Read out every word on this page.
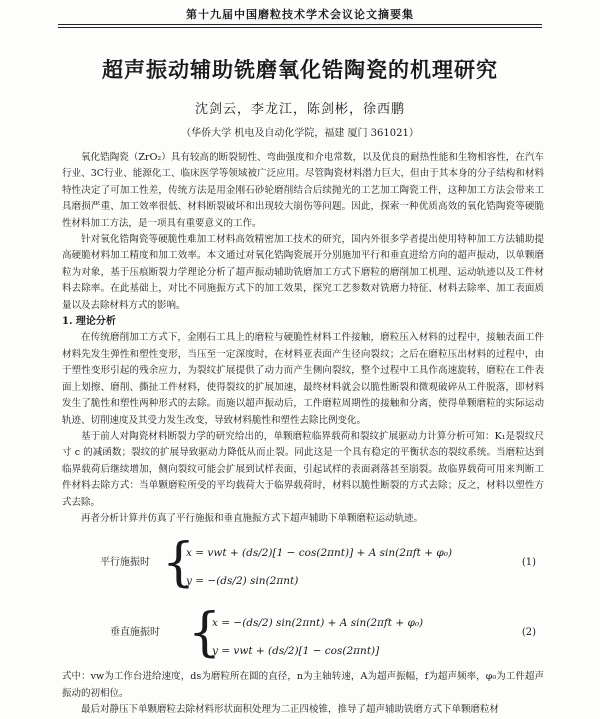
第十九届中国磨粒技术学术会议论文摘要集
超声振动辅助铣磨氧化锆陶瓷的机理研究
沈剑云，李龙江，陈剑彬，徐西鹏
（华侨大学 机电及自动化学院，福建 厦门 361021）

氧化锆陶瓷（ZrO₂）具有较高的断裂韧性、弯曲强度和介电常数，以及优良的耐热性能和生物相容性，在汽车行业、3C行业、能源化工、临床医学等领域被广泛应用。尽管陶瓷材料潜力巨大，但由于其本身的分子结构和材料特性决定了可加工性差，传统方法是用金刚石砂轮磨削结合后续抛光的工艺加工陶瓷工件，这种加工方法会带来工具磨损严重、加工效率很低、材料断裂破坏和出现较大崩伤等问题。因此，探索一种优质高效的氧化锆陶瓷等硬脆性材料加工方法，是一项具有重要意义的工作。

针对氧化锆陶瓷等硬脆性难加工材料高效精密加工技术的研究，国内外很多学者提出使用特种加工方法辅助提高硬脆材料加工精度和加工效率。本文通过对氧化锆陶瓷展开分别施加平行和垂直进给方向的超声振动，以单颗磨粒为对象，基于压痕断裂力学理论分析了超声振动辅助铣磨加工方式下磨粒的磨削加工机理、运动轨迹以及工件材料去除率。在此基础上，对比不同施振方式下的加工效果，探究工艺参数对铣磨力特征、材料去除率、加工表面质量以及去除材料方式的影响。

1. 理论分析

在传统磨削加工方式下，金刚石工具上的磨粒与硬脆性材料工件接触，磨粒压入材料的过程中，接触表面工件材料先发生弹性和塑性变形，当压至一定深度时，在材料亚表面产生径向裂纹；之后在磨粒压出材料的过程中，由于塑性变形引起的残余应力，为裂纹扩展提供了动力而产生侧向裂纹，整个过程中工具作高速旋转，磨粒在工件表面上划擦、磨削、撕扯工件材料，使得裂纹的扩展加速，最终材料就会以脆性断裂和微观破碎从工件脱落，即材料发生了脆性和塑性两种形式的去除。而施以超声振动后，工件磨粒周期性的接触和分离，使得单颗磨粒的实际运动轨迹、切削速度及其受力发生改变，导致材料脆性和塑性去除比例变化。

基于前人对陶瓷材料断裂力学的研究给出的，单颗磨粒临界载荷和裂纹扩展驱动力计算分析可知：K₁是裂纹尺寸 c 的减函数；裂纹的扩展导致驱动力降低从而止裂。同此这是一个具有稳定的平衡状态的裂纹系统。当磨粒达到临界载荷后继续增加，侧向裂纹可能会扩展到试样表面，引起试样的表面剥落甚至崩裂。故临界载荷可用来判断工件材料去除方式：当单颗磨粒所受的平均载荷大于临界载荷时，材料以脆性断裂的方式去除；反之，材料以塑性方式去除。

再者分析计算并仿真了平行施振和垂直施振方式下超声辅助下单颗磨粒运动轨迹。

平行施振时 {
x = vwt + (ds/2)[1 − cos(2πnt)] + A sin(2πft + φ₀)
y = −(ds/2) sin(2πnt)
(1)
垂直施振时 {
x = −(ds/2) sin(2πnt) + A sin(2πft + φ₀)
y = vwt + (ds/2)[1 − cos(2πnt)]
(2)

式中：vw为工作台进给速度，ds为磨粒所在圆的直径，n为主轴转速，A为超声振幅，f为超声频率，φ₀为工件超声振动的初相位。

最后对静压下单颗磨粒去除材料形状面积处理为二正四棱锥，推导了超声辅助铣磨方式下单颗磨粒材
